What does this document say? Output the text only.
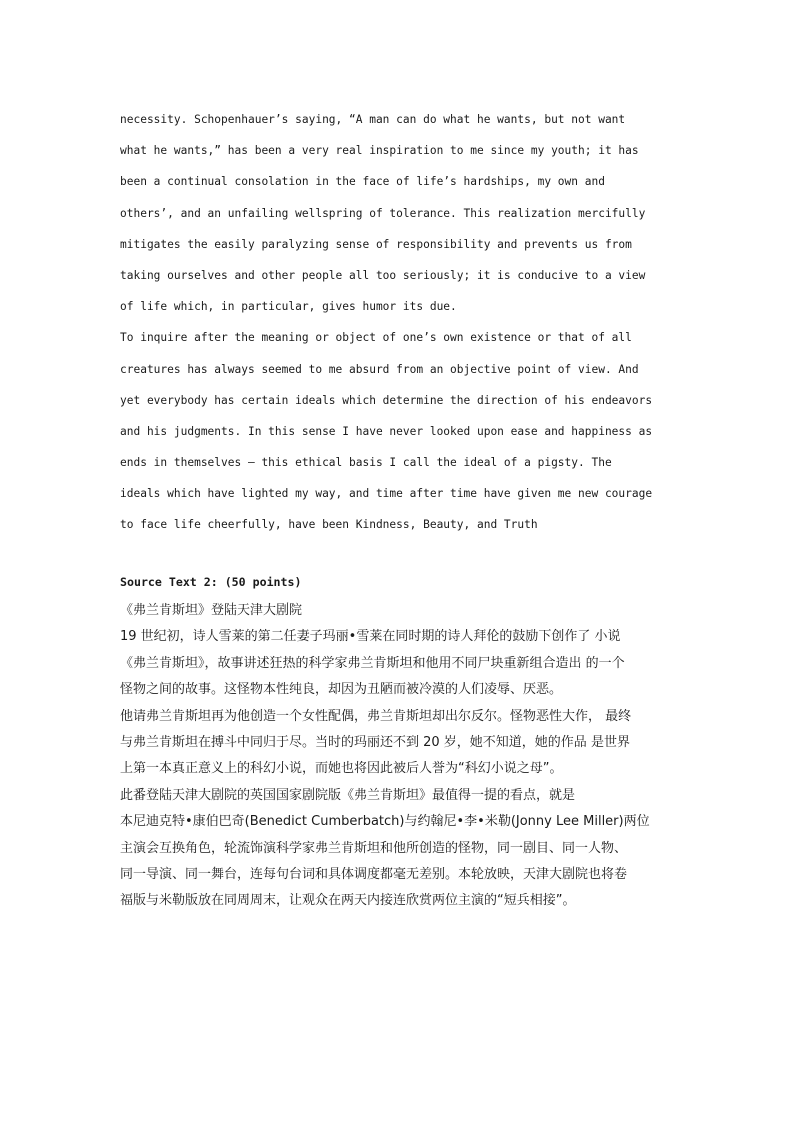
necessity. Schopenhauer’s saying, “A man can do what he wants, but not want
what he wants,” has been a very real inspiration to me since my youth; it has
been a continual consolation in the face of life’s hardships, my own and
others’, and an unfailing wellspring of tolerance. This realization mercifully
mitigates the easily paralyzing sense of responsibility and prevents us from
taking ourselves and other people all too seriously; it is conducive to a view
of life which, in particular, gives humor its due.
To inquire after the meaning or object of one’s own existence or that of all
creatures has always seemed to me absurd from an objective point of view. And
yet everybody has certain ideals which determine the direction of his endeavors
and his judgments. In this sense I have never looked upon ease and happiness as
ends in themselves — this ethical basis I call the ideal of a pigsty. The
ideals which have lighted my way, and time after time have given me new courage
to face life cheerfully, have been Kindness, Beauty, and Truth
Source Text 2: (50 points)
《弗兰肯斯坦》登陆天津大剧院
19 世纪初，诗人雪莱的第二任妻子玛丽•雪莱在同时期的诗人拜伦的鼓励下创作了 小说
《弗兰肯斯坦》，故事讲述狂热的科学家弗兰肯斯坦和他用不同尸块重新组合造出 的一个
怪物之间的故事。这怪物本性纯良，却因为丑陋而被冷漠的人们凌辱、厌恶。
他请弗兰肯斯坦再为他创造一个女性配偶，弗兰肯斯坦却出尔反尔。怪物恶性大作， 最终
与弗兰肯斯坦在搏斗中同归于尽。当时的玛丽还不到 20 岁，她不知道，她的作品 是世界
上第一本真正意义上的科幻小说，而她也将因此被后人誉为“科幻小说之母”。
此番登陆天津大剧院的英国国家剧院版《弗兰肯斯坦》最值得一提的看点，就是
本尼迪克特•康伯巴奇(Benedict Cumberbatch)与约翰尼•李•米勒(Jonny Lee Miller)两位
主演会互换角色，轮流饰演科学家弗兰肯斯坦和他所创造的怪物，同一剧目、同一人物、
同一导演、同一舞台，连每句台词和具体调度都毫无差别。本轮放映，天津大剧院也将卷
福版与米勒版放在同周周末，让观众在两天内接连欣赏两位主演的“短兵相接”。
